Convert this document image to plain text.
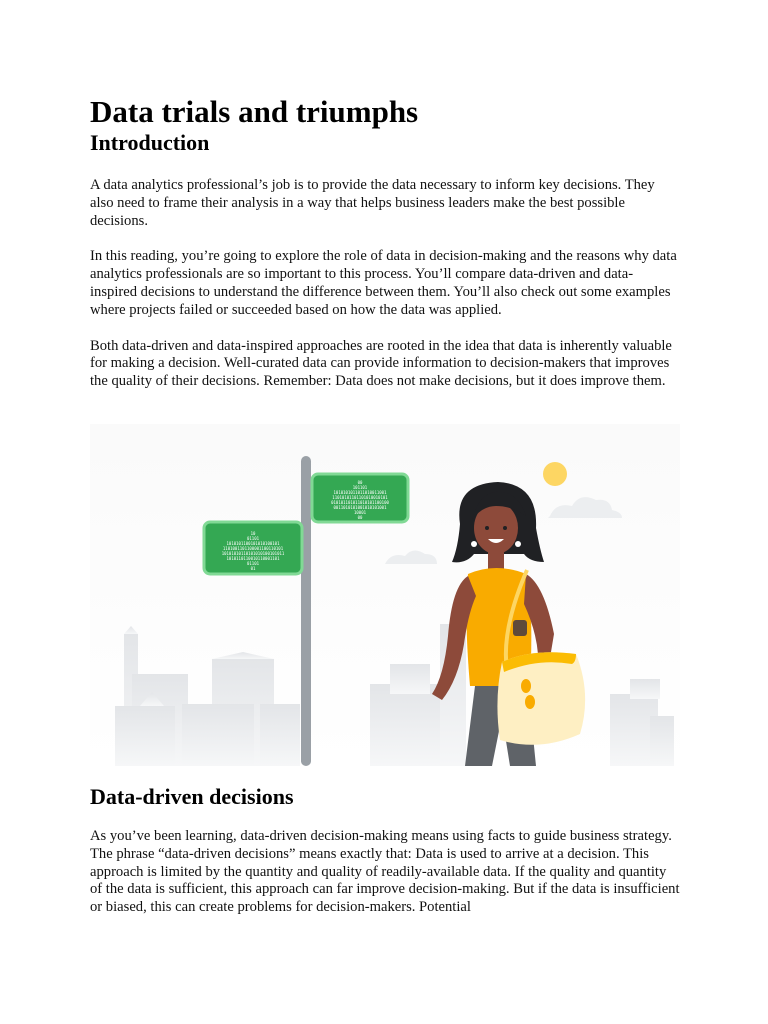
Data trials and triumphs
Introduction

A data analytics professional’s job is to provide the data necessary to inform key decisions. They also need to frame their analysis in a way that helps business leaders make the best possible decisions.

In this reading, you’re going to explore the role of data in decision-making and the reasons why data analytics professionals are so important to this process. You’ll compare data-driven and data-inspired decisions to understand the difference between them. You’ll also check out some examples where projects failed or succeeded based on how the data was applied.

Both data-driven and data-inspired approaches are rooted in the idea that data is inherently valuable for making a decision. Well-curated data can provide information to decision-makers that improves the quality of their decisions. Remember: Data does not make decisions, but it does improve them.

00
101101
1010101011011010011001
11010101101101010010101
010101101011010101100100
0011010101001010101001
10001
00
10
01101
1010101100101010100101
1101001101100001100110101
10101010110101010100101011
1010110110010110001101
01101
01
Data-driven decisions

As you’ve been learning, data-driven decision-making means using facts to guide business strategy. The phrase “data-driven decisions” means exactly that: Data is used to arrive at a decision. This approach is limited by the quantity and quality of readily-available data. If the quality and quantity of the data is sufficient, this approach can far improve decision-making. But if the data is insufficient or biased, this can create problems for decision-makers. Potential
